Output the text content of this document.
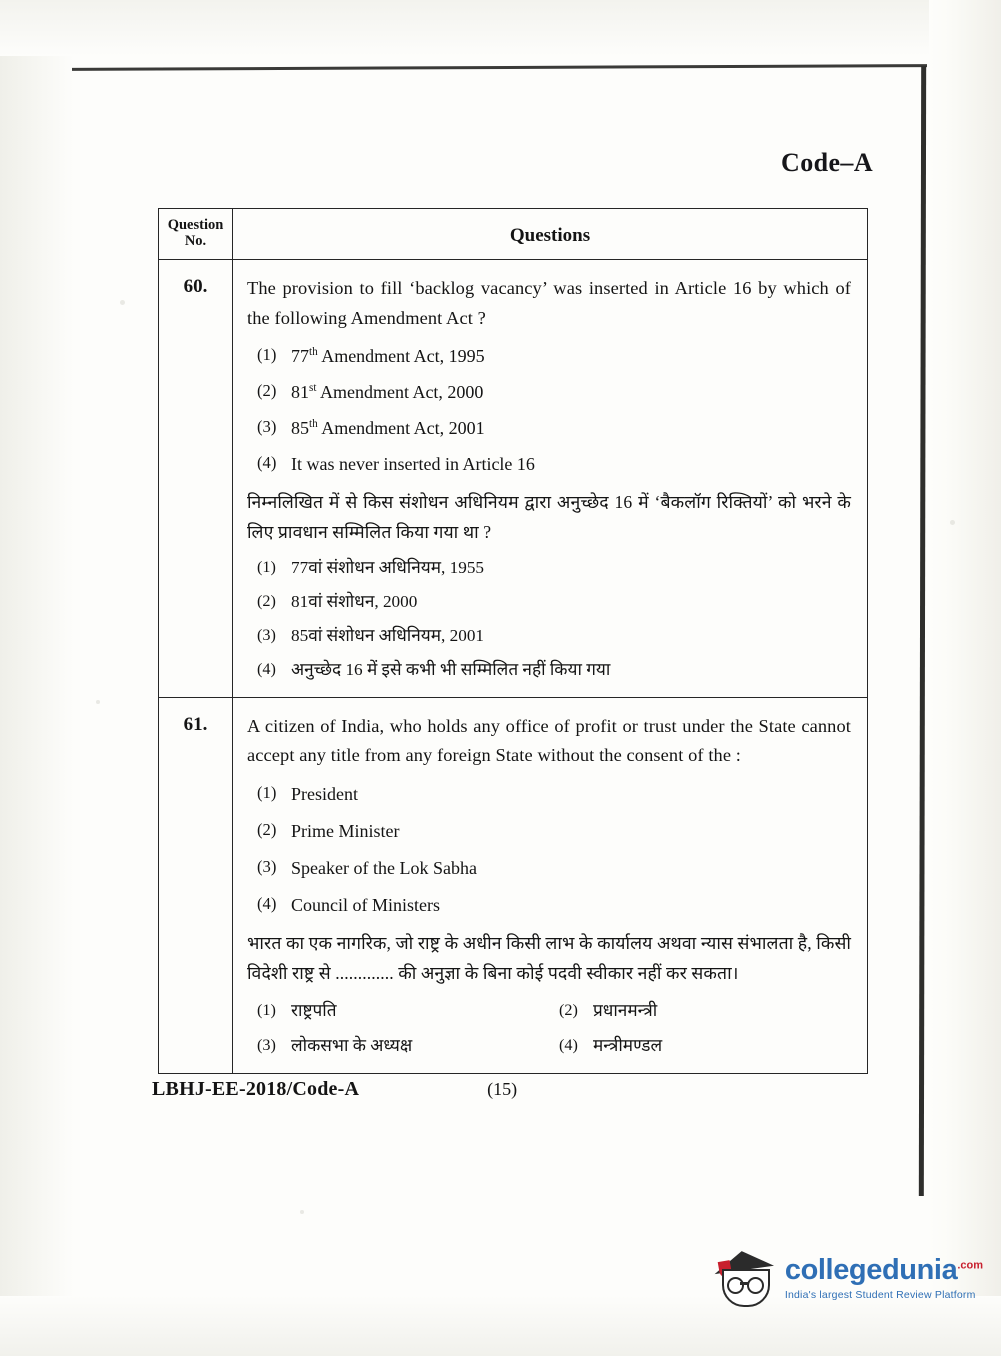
Code–A
Question
No.	Questions
60.	The provision to fill ‘backlog vacancy’ was inserted in Article 16 by which of the following Amendment Act ?
(1) 77th Amendment Act, 1995
(2) 81st Amendment Act, 2000
(3) 85th Amendment Act, 2001
(4) It was never inserted in Article 16
निम्नलिखित में से किस संशोधन अधिनियम द्वारा अनुच्छेद 16 में ‘बैकलॉग रिक्तियों’ को भरने के लिए प्रावधान सम्मिलित किया गया था ?
(1) 77वां संशोधन अधिनियम, 1955
(2) 81वां संशोधन, 2000
(3) 85वां संशोधन अधिनियम, 2001
(4) अनुच्छेद 16 में इसे कभी भी सम्मिलित नहीं किया गया
61.	A citizen of India, who holds any office of profit or trust under the State cannot accept any title from any foreign State without the consent of the :
(1) President
(2) Prime Minister
(3) Speaker of the Lok Sabha
(4) Council of Ministers
भारत का एक नागरिक, जो राष्ट्र के अधीन किसी लाभ के कार्यालय अथवा न्यास संभालता है, किसी विदेशी राष्ट्र से ............. की अनुज्ञा के बिना कोई पदवी स्वीकार नहीं कर सकता।
(1) राष्ट्रपति	(2) प्रधानमन्त्री
(3) लोकसभा के अध्यक्ष	(4) मन्त्रीमण्डल
LBHJ-EE-2018/Code-A	(15)
collegedunia$^{.com}$
India's largest Student Review Platform
